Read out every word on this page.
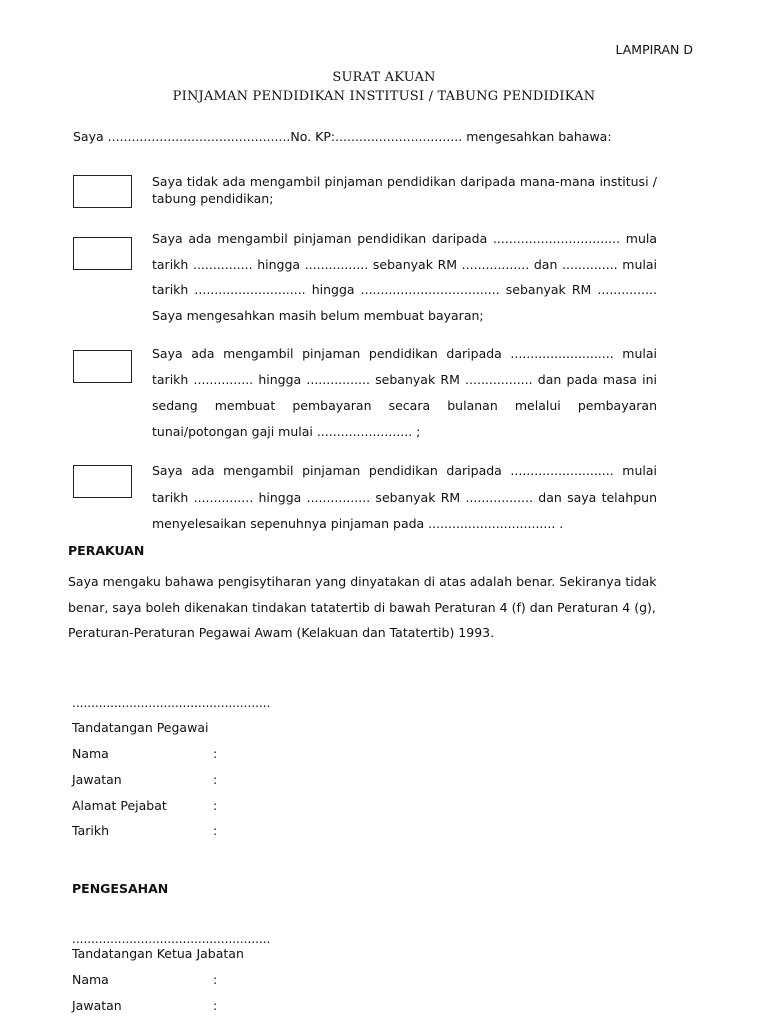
LAMPIRAN D
SURAT AKUAN
PINJAMAN PENDIDIKAN INSTITUSI / TABUNG PENDIDIKAN
Saya ..............................................No. KP:................................ mengesahkan bahawa:
Saya tidak ada mengambil pinjaman pendidikan daripada mana-mana institusi / tabung pendidikan;
Saya ada mengambil pinjaman pendidikan daripada ................................ mula tarikh ............... hingga ................ sebanyak RM ................. dan .............. mulai tarikh ............................ hingga ................................... sebanyak RM ............... Saya mengesahkan masih belum membuat bayaran;
Saya ada mengambil pinjaman pendidikan daripada .......................... mulai tarikh ............... hingga ................ sebanyak RM ................. dan pada masa ini sedang membuat pembayaran secara bulanan melalui pembayaran tunai/potongan gaji mulai ........................ ;
Saya ada mengambil pinjaman pendidikan daripada .......................... mulai tarikh ............... hingga ................ sebanyak RM ................. dan saya telahpun menyelesaikan sepenuhnya pinjaman pada ................................ .
PERAKUAN
Saya mengaku bahawa pengisytiharan yang dinyatakan di atas adalah benar. Sekiranya tidak benar, saya boleh dikenakan tindakan tatatertib di bawah Peraturan 4 (f) dan Peraturan 4 (g), Peraturan-Peraturan Pegawai Awam (Kelakuan dan Tatatertib) 1993.
....................................................
Tandatangan Pegawai
Nama	:
Jawatan	:
Alamat Pejabat	:
Tarikh	:
PENGESAHAN
....................................................
Tandatangan Ketua Jabatan
Nama	:
Jawatan	:
